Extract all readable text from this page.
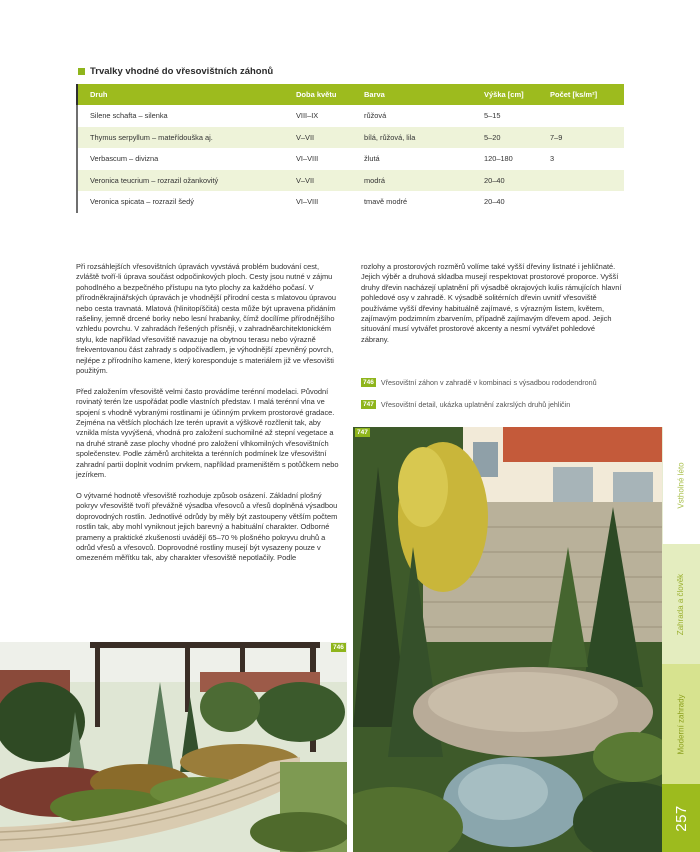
Trvalky vhodné do vřesovištních záhonů
Druh	Doba květu	Barva	Výška [cm]	Počet [ks/m²]
Silene schafta – silenka	VIII–IX	růžová	5–15	
Thymus serpyllum – mateřídouška aj.	V–VII	bílá, růžová, lila	5–20	7–9
Verbascum – divizna	VI–VIII	žlutá	120–180	3
Veronica teucrium – rozrazil ožankovitý	V–VII	modrá	20–40	
Veronica spicata – rozrazil šedý	VI–VIII	tmavě modré	20–40	

Při rozsáhlejších vřesovištních úpravách vyvstává problém budování cest, zvláště tvoří-li úprava součást odpočinkových ploch. Cesty jsou nutné v zájmu pohodlného a bezpečného přístupu na tyto plochy za každého počasí. V přírodněkrajinářských úpravách je vhodnější přírodní cesta s mlatovou úpravou nebo cesta travnatá. Mlatová (hlinitopíščitá) cesta může být upravena přidáním rašeliny, jemně drcené borky nebo lesní hrabanky, čímž docílíme přírodnějšího vzhledu povrchu. V zahradách řešených přísněji, v zahradněarchitektonickém stylu, kde například vřesoviště navazuje na obytnou terasu nebo výrazně frekventovanou část zahrady s odpočívadlem, je výhodnější zpevněný povrch, nejlépe z přírodního kamene, který koresponduje s materiálem již ve vřesovišti použitým.

Před založením vřesoviště velmi často provádíme terénní modelaci. Původní rovinatý terén lze uspořádat podle vlastních představ. I malá terénní vlna ve spojení s vhodně vybranými rostlinami je účinným prvkem prostorové gradace. Zejména na větších plochách lze terén upravit a výškově rozčlenit tak, aby vznikla místa vyvýšená, vhodná pro založení suchomilné až stepní vegetace a na druhé straně zase plochy vhodné pro založení vlhkomilných vřesovištních společenstev. Podle záměrů architekta a terénních podmínek lze vřesovištní zahradní partii doplnit vodním prvkem, například prameništěm s potůčkem nebo jezírkem.

O výtvarné hodnotě vřesoviště rozhoduje způsob osázení. Základní plošný pokryv vřesoviště tvoří převážně výsadba vřesovců a vřesů doplněná výsadbou doprovodných rostlin. Jednotlivé odrůdy by měly být zastoupeny větším počtem rostlin tak, aby mohl vyniknout jejich barevný a habituální charakter. Odborné prameny a praktické zkušenosti uvádějí 65–70 % plošného pokryvu druhů a odrůd vřesů a vřesovců. Doprovodné rostliny musejí být vysazeny pouze v omezeném měřítku tak, aby charakter vřesoviště nepotlačily. Podle

rozlohy a prostorových rozměrů volíme také vyšší dřeviny listnaté i jehličnaté. Jejich výběr a druhová skladba musejí respektovat prostorové proporce. Vyšší druhy dřevin nacházejí uplatnění při výsadbě okrajových kulis rámujících hlavní pohledové osy v zahradě. K výsadbě solitérních dřevin uvnitř vřesoviště používáme vyšší dřeviny habituálně zajímavé, s výrazným listem, květem, zajímavým podzimním zbarvením, případně zajímavým dřevem apod. Jejich situování musí vytvářet prostorové akcenty a nesmí vytvářet pohledové zábrany.

746 Vřesovištní záhon v zahradě v kombinaci s výsadbou rododendronů
747 Vřesovištní detail, ukázka uplatnění zakrslých druhů jehličin
746
747
Vstholné léto
Zahrada a člověk
Moderní zahrady
257
